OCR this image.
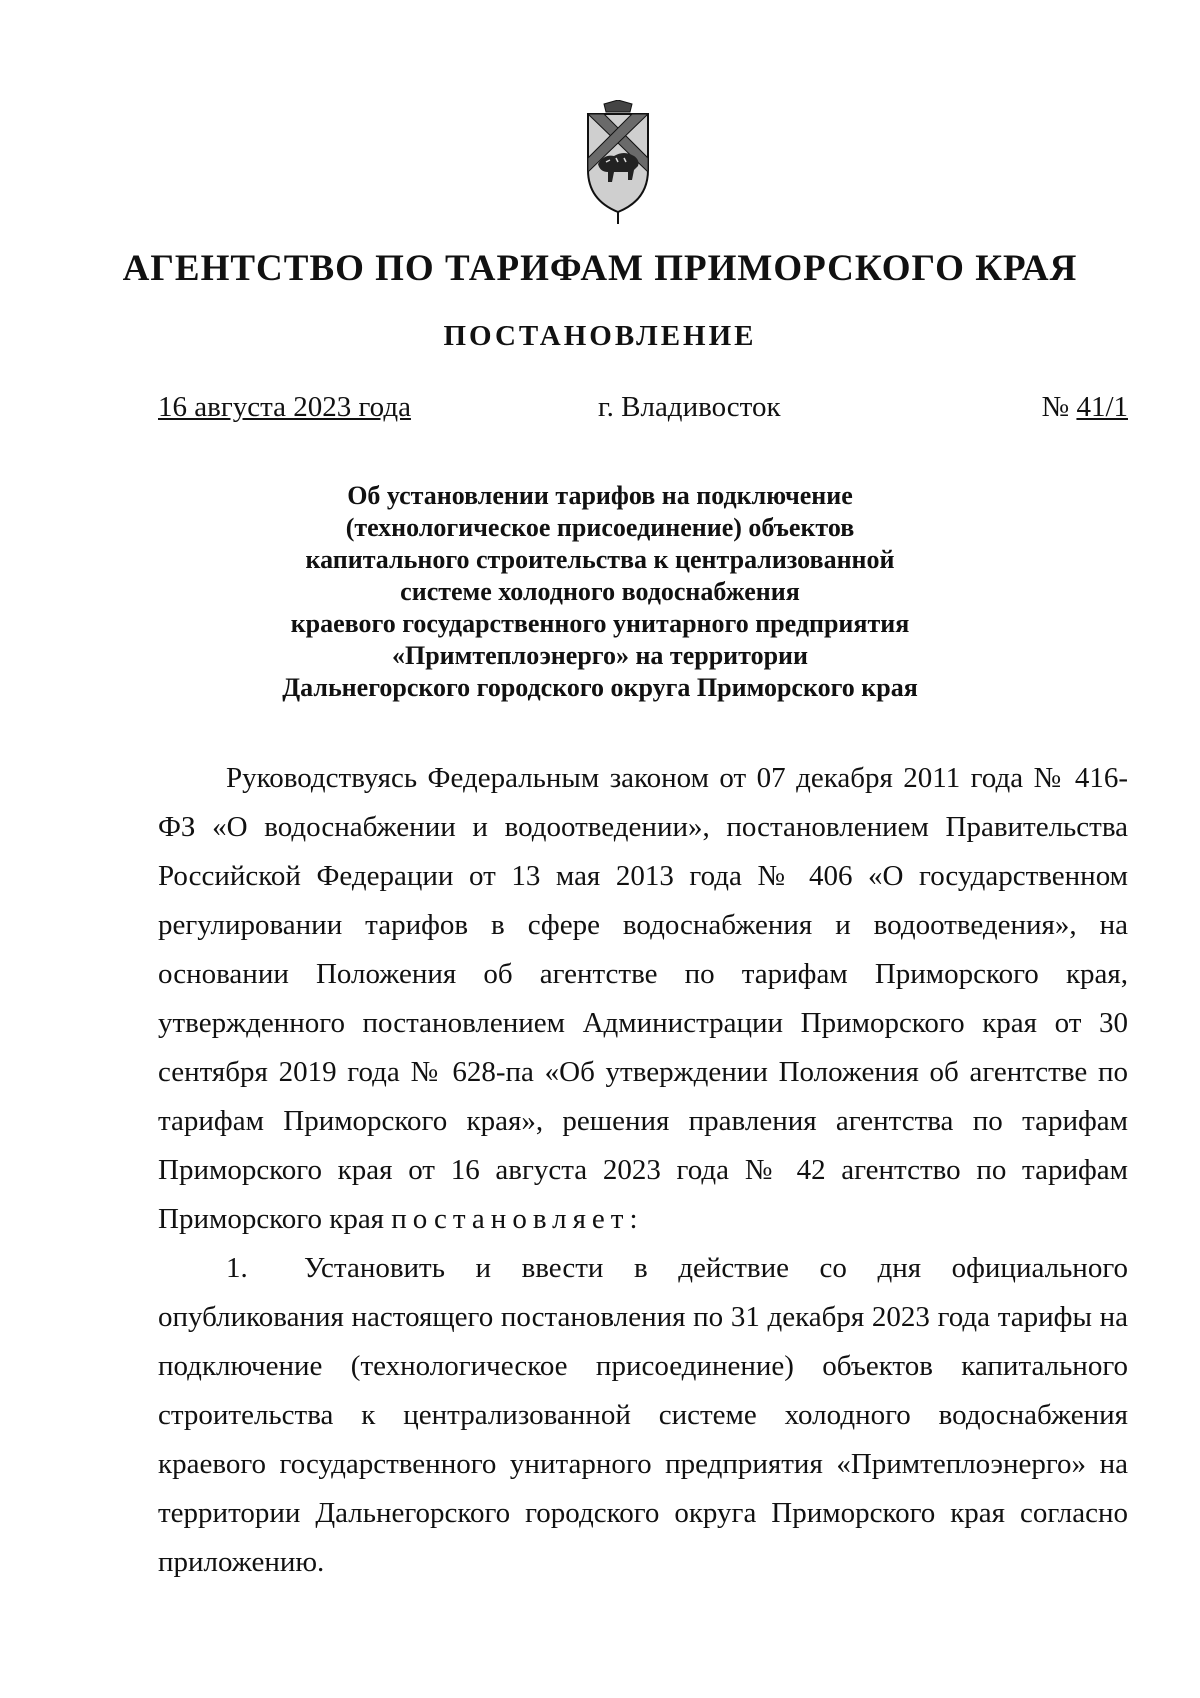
АГЕНТСТВО ПО ТАРИФАМ ПРИМОРСКОГО КРАЯ
ПОСТАНОВЛЕНИЕ
16 августа 2023 года	г. Владивосток	№ 41/1
Об установлении тарифов на подключение
(технологическое присоединение) объектов
капитального строительства к централизованной
системе холодного водоснабжения
краевого государственного унитарного предприятия
«Примтеплоэнерго» на территории
Дальнегорского городского округа Приморского края

Руководствуясь Федеральным законом от 07 декабря 2011 года № 416-ФЗ «О водоснабжении и водоотведении», постановлением Правительства Российской Федерации от 13 мая 2013 года № 406 «О государственном регулировании тарифов в сфере водоснабжения и водоотведения», на основании Положения об агентстве по тарифам Приморского края, утвержденного постановлением Администрации Приморского края от 30 сентября 2019 года № 628-па «Об утверждении Положения об агентстве по тарифам Приморского края», решения правления агентства по тарифам Приморского края от 16 августа 2023 года № 42 агентство по тарифам Приморского края постановляет:

1. Установить и ввести в действие со дня официального опубликования настоящего постановления по 31 декабря 2023 года тарифы на подключение (технологическое присоединение) объектов капитального строительства к централизованной системе холодного водоснабжения краевого государственного унитарного предприятия «Примтеплоэнерго» на территории Дальнегорского городского округа Приморского края согласно приложению.
